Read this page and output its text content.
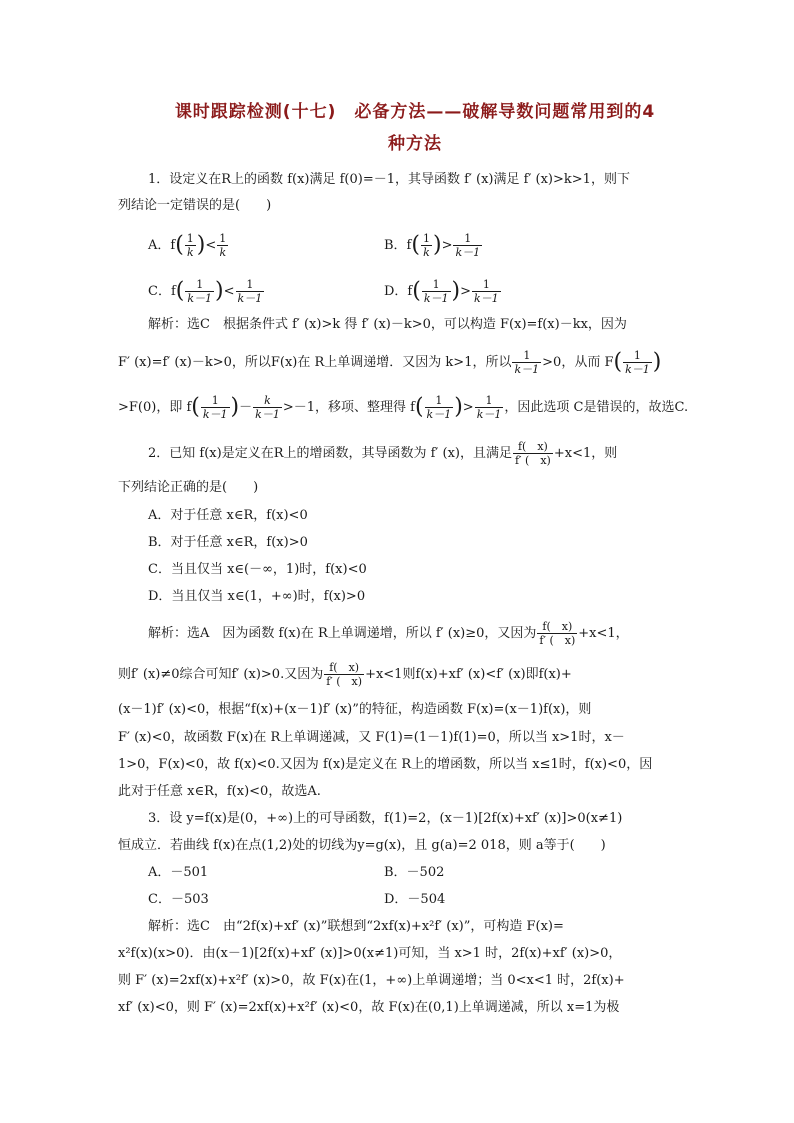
课时跟踪检测(十七)　必备方法——破解导数问题常用到的4
种方法
1．设定义在R上的函数 f(x)满足 f(0)=－1，其导函数 f′ (x)满足 f′ (x)>k>1，则下
列结论一定错误的是(　　)
A．$f( \frac{1}{k}$ )< $\frac{1}{k}$	B．$f( \frac{1}{k}$ )> $\frac{1}{k-1}$
C．$f( \frac{1}{k-1}$ )< $\frac{1}{k-1}$	D．$f( \frac{1}{k-1}$ )> $\frac{1}{k-1}$
解析：选C　根据条件式 f′ (x)>k 得 f′ (x)－k>0，可以构造 F(x)=f(x)－kx，因为
F′ (x)=f′ (x)－k>0，所以F(x)在 R上单调递增．又因为 k>1，所以 $\frac{1}{k-1} >0$，从而 $F( \frac{1}{k-1}$ )
>F(0)，即 $f( \frac{1}{k-1}$ )－ $\frac{k}{k-1} >-1$，移项、整理得 $f( \frac{1}{k-1}$ )> $\frac{1}{k-1}$ ，因此选项 C是错误的，故选C.
2．已知 f(x)是定义在R上的增函数，其导函数为 f′ (x)，且满足 $\frac{f( x)}{f' ( x)} +x<1$，则
下列结论正确的是(　　)
A．对于任意 x∈R，f(x)<0
B．对于任意 x∈R，f(x)>0
C．当且仅当 x∈(－∞，1)时，f(x)<0
D．当且仅当 x∈(1，+∞)时，f(x)>0
解析：选A　因为函数 f(x)在 R上单调递增，所以 f′ (x)≥0，又因为 $\frac{f( x)}{f' ( x)} +x<1$，
则f′ (x)≠0综合可知f′ (x)>0.又因为 $\frac{f( x)}{f' ( x)} +x<1$则f(x)+xf′ (x)<f′ (x)即f(x)+
(x－1)f′ (x)<0，根据“f(x)+(x－1)f′ (x)”的特征，构造函数 F(x)=(x－1)f(x)，则
F′ (x)<0，故函数 F(x)在 R上单调递减，又 F(1)=(1－1)f(1)=0，所以当 x>1时，x－
1>0，F(x)<0，故 f(x)<0.又因为 f(x)是定义在 R上的增函数，所以当 x≤1时，f(x)<0，因
此对于任意 x∈R，f(x)<0，故选A.
3．设 y=f(x)是(0，+∞)上的可导函数，f(1)=2，(x－1)[2f(x)+xf′ (x)]>0(x≠1)
恒成立．若曲线 f(x)在点(1,2)处的切线为y=g(x)，且 g(a)=2 018，则 a等于(　　)
A．－501	B．－502
C．－503	D．－504
解析：选C　由“2f(x)+xf′ (x)”联想到“2xf(x)+x²f′ (x)”，可构造 F(x)=
x²f(x)(x>0)．由(x－1)[2f(x)+xf′ (x)]>0(x≠1)可知，当 x>1 时，2f(x)+xf′ (x)>0，
则 F′ (x)=2xf(x)+x²f′ (x)>0，故 F(x)在(1，+∞)上单调递增；当 0<x<1 时，2f(x)+
xf′ (x)<0，则 F′ (x)=2xf(x)+x²f′ (x)<0，故 F(x)在(0,1)上单调递减，所以 x=1为极
